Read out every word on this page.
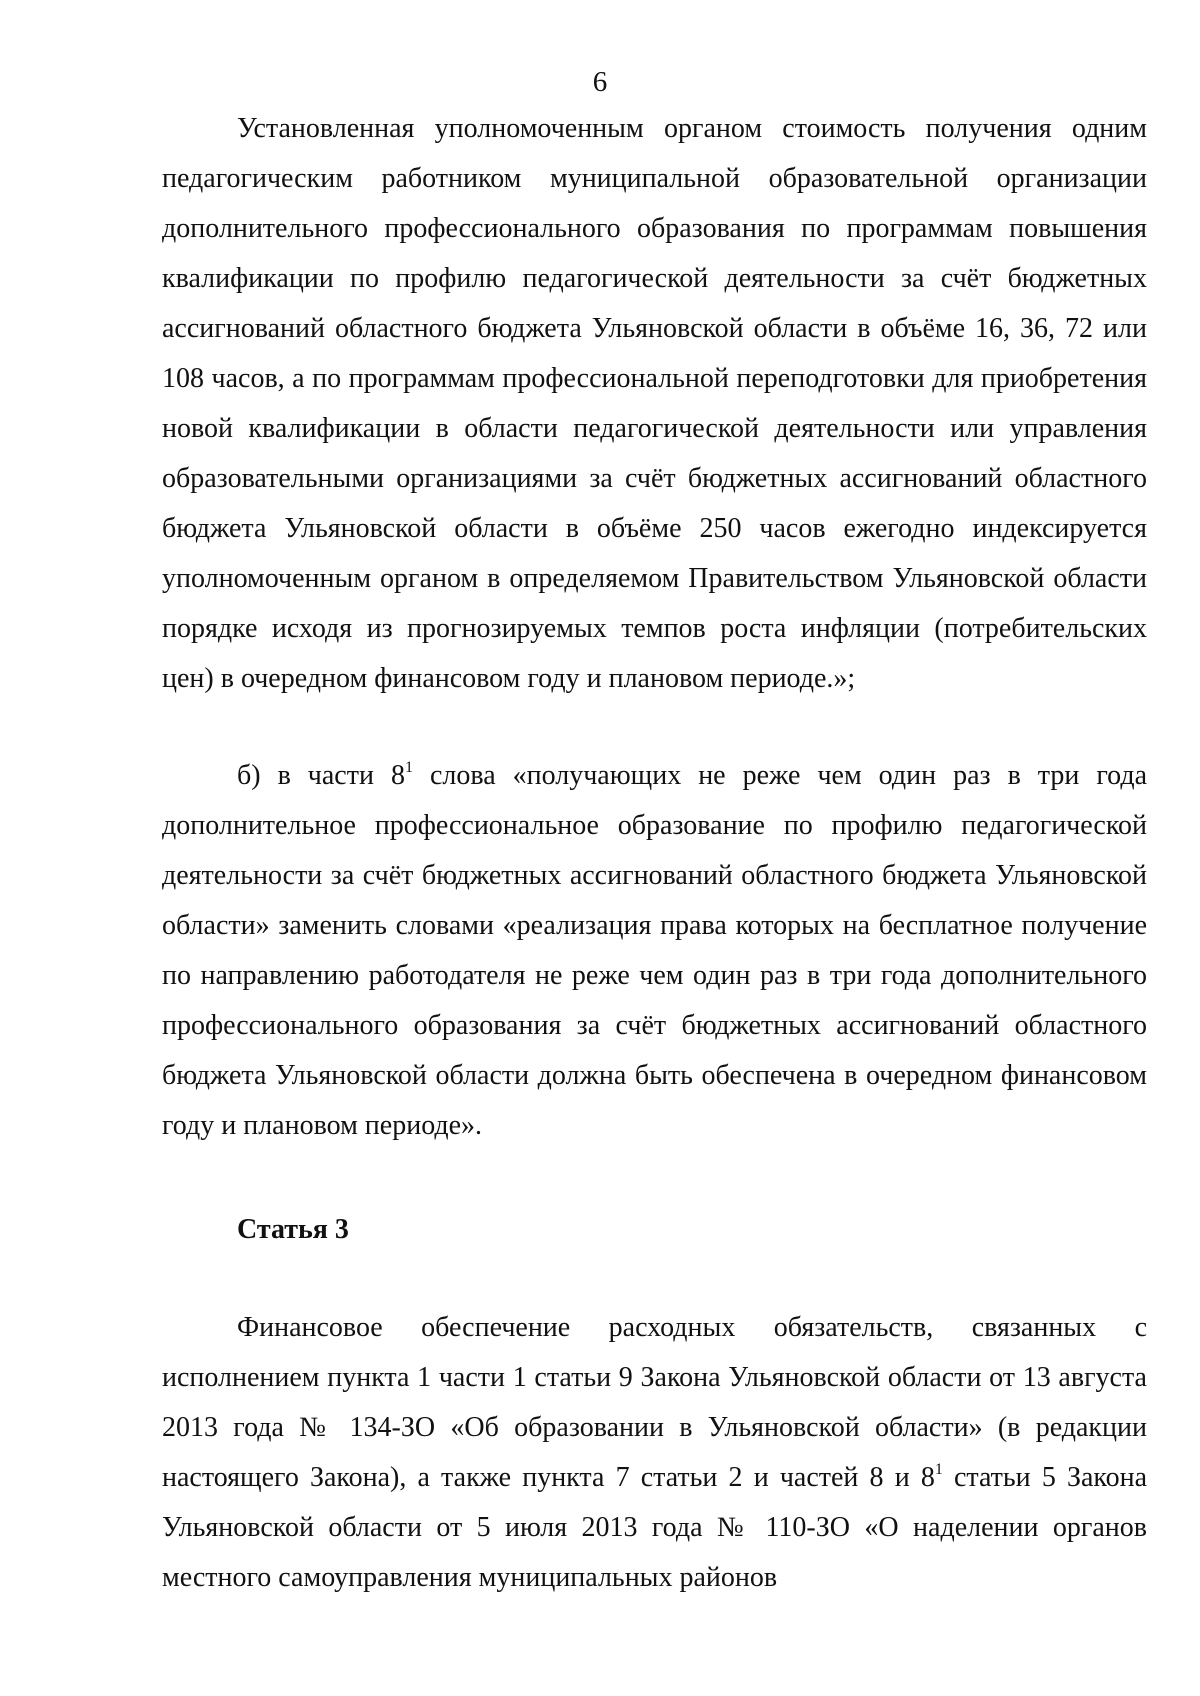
6

Установленная уполномоченным органом стоимость получения одним педагогическим работником муниципальной образовательной организации дополнительного профессионального образования по программам повышения квалификации по профилю педагогической деятельности за счёт бюджетных ассигнований областного бюджета Ульяновской области в объёме 16, 36, 72 или 108 часов, а по программам профессиональной переподготовки для приобретения новой квалификации в области педагогической деятельности или управления образовательными организациями за счёт бюджетных ассигнований областного бюджета Ульяновской области в объёме 250 часов ежегодно индексируется уполномоченным органом в определяемом Правительством Ульяновской области порядке исходя из прогнозируемых темпов роста инфляции (потребительских цен) в очередном финансовом году и плановом периоде.»;

б) в части $8^1$ слова «получающих не реже чем один раз в три года дополнительное профессиональное образование по профилю педагогической деятельности за счёт бюджетных ассигнований областного бюджета Ульяновской области» заменить словами «реализация права которых на бесплатное получение по направлению работодателя не реже чем один раз в три года дополнительного профессионального образования за счёт бюджетных ассигнований областного бюджета Ульяновской области должна быть обеспечена в очередном финансовом году и плановом периоде».

Статья 3

Финансовое обеспечение расходных обязательств, связанных с исполнением пункта 1 части 1 статьи 9 Закона Ульяновской области от 13 августа 2013 года № 134-ЗО «Об образовании в Ульяновской области» (в редакции настоящего Закона), а также пункта 7 статьи 2 и частей 8 и $8^1$ статьи 5 Закона Ульяновской области от 5 июля 2013 года № 110-ЗО «О наделении органов местного самоуправления муниципальных районов
